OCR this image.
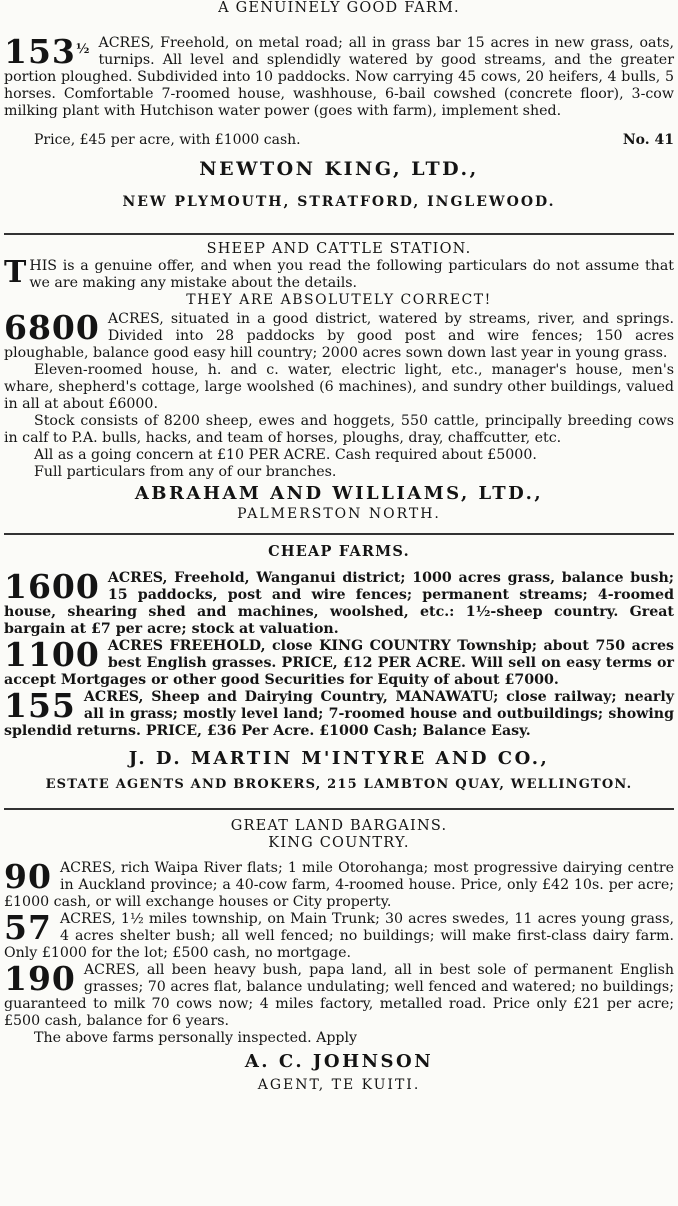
A GENUINELY GOOD FARM.
$153^{\frac{1}{2}}$ ACRES, Freehold, on metal road; all in grass bar 15 acres in new grass, oats, turnips. All level and splendidly watered by good streams, and the greater portion ploughed. Subdivided into 10 paddocks. Now carrying 45 cows, 20 heifers, 4 bulls, 5 horses. Comfortable 7-roomed house, washhouse, 6-bail cowshed (concrete floor), 3-cow milking plant with Hutchison water power (goes with farm), implement shed.
Price, £45 per acre, with £1000 cash.	No. 41
NEWTON KING, LTD.,
NEW PLYMOUTH, STRATFORD, INGLEWOOD.
SHEEP AND CATTLE STATION.
T HIS is a genuine offer, and when you read the following particulars do not assume that we are making any mistake about the details.
THEY ARE ABSOLUTELY CORRECT!
6800 ACRES, situated in a good district, watered by streams, river, and springs. Divided into 28 paddocks by good post and wire fences; 150 acres ploughable, balance good easy hill country; 2000 acres sown down last year in young grass.
Eleven-roomed house, h. and c. water, electric light, etc., manager's house, men's whare, shepherd's cottage, large woolshed (6 machines), and sundry other buildings, valued in all at about £6000.
Stock consists of 8200 sheep, ewes and hoggets, 550 cattle, principally breeding cows in calf to P.A. bulls, hacks, and team of horses, ploughs, dray, chaffcutter, etc.
All as a going concern at £10 PER ACRE. Cash required about £5000.
Full particulars from any of our branches.
ABRAHAM AND WILLIAMS, LTD.,
PALMERSTON NORTH.
CHEAP FARMS.
1600 ACRES, Freehold, Wanganui district; 1000 acres grass, balance bush; 15 paddocks, post and wire fences; permanent streams; 4-roomed house, shearing shed and machines, woolshed, etc.: 1½-sheep country. Great bargain at £7 per acre; stock at valuation.
1100 ACRES FREEHOLD, close KING COUNTRY Township; about 750 acres best English grasses. PRICE, £12 PER ACRE. Will sell on easy terms or accept Mortgages or other good Securities for Equity of about £7000.
155 ACRES, Sheep and Dairying Country, MANAWATU; close railway; nearly all in grass; mostly level land; 7-roomed house and outbuildings; showing splendid returns. PRICE, £36 Per Acre. £1000 Cash; Balance Easy.
J. D. MARTIN M'INTYRE AND CO.,
ESTATE AGENTS AND BROKERS, 215 LAMBTON QUAY, WELLINGTON.
GREAT LAND BARGAINS.
KING COUNTRY.
90 ACRES, rich Waipa River flats; 1 mile Otorohanga; most progressive dairying centre in Auckland province; a 40-cow farm, 4-roomed house. Price, only £42 10s. per acre; £1000 cash, or will exchange houses or City property.
57 ACRES, 1½ miles township, on Main Trunk; 30 acres swedes, 11 acres young grass, 4 acres shelter bush; all well fenced; no buildings; will make first-class dairy farm. Only £1000 for the lot; £500 cash, no mortgage.
190 ACRES, all been heavy bush, papa land, all in best sole of permanent English grasses; 70 acres flat, balance undulating; well fenced and watered; no buildings; guaranteed to milk 70 cows now; 4 miles factory, metalled road. Price only £21 per acre; £500 cash, balance for 6 years.
The above farms personally inspected. Apply
A. C. JOHNSON
AGENT, TE KUITI.
